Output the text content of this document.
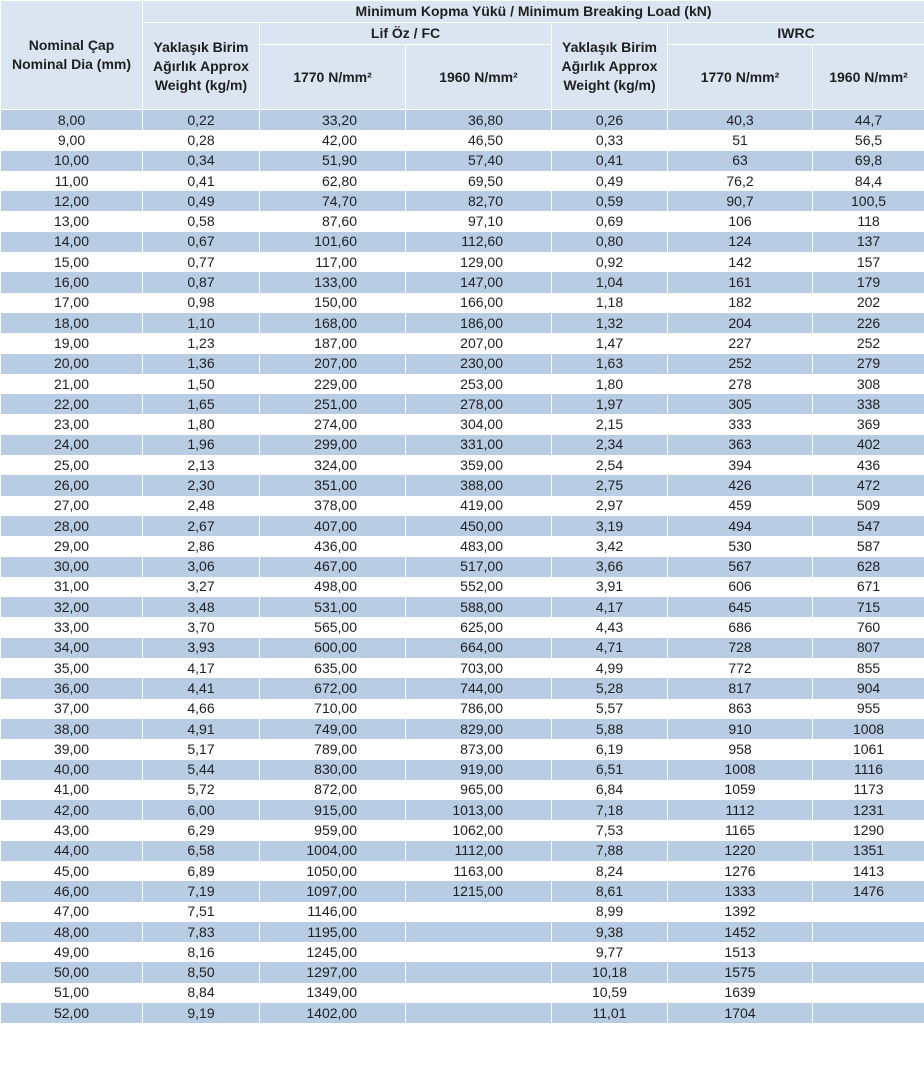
Nominal Çap Nominal Dia (mm)	Minimum Kopma Yükü / Minimum Breaking Load (kN)					
	Yaklaşık Birim Ağırlık Approx Weight (kg/m)	Lif Öz / FC		Yaklaşık Birim Ağırlık Approx Weight (kg/m)	IWRC	
		1770 N/mm²	1960 N/mm²		1770 N/mm²	1960 N/mm²
8,00	0,22	33,20	36,80	0,26	40,3	44,7
9,00	0,28	42,00	46,50	0,33	51	56,5
10,00	0,34	51,90	57,40	0,41	63	69,8
11,00	0,41	62,80	69,50	0,49	76,2	84,4
12,00	0,49	74,70	82,70	0,59	90,7	100,5
13,00	0,58	87,60	97,10	0,69	106	118
14,00	0,67	101,60	112,60	0,80	124	137
15,00	0,77	117,00	129,00	0,92	142	157
16,00	0,87	133,00	147,00	1,04	161	179
17,00	0,98	150,00	166,00	1,18	182	202
18,00	1,10	168,00	186,00	1,32	204	226
19,00	1,23	187,00	207,00	1,47	227	252
20,00	1,36	207,00	230,00	1,63	252	279
21,00	1,50	229,00	253,00	1,80	278	308
22,00	1,65	251,00	278,00	1,97	305	338
23,00	1,80	274,00	304,00	2,15	333	369
24,00	1,96	299,00	331,00	2,34	363	402
25,00	2,13	324,00	359,00	2,54	394	436
26,00	2,30	351,00	388,00	2,75	426	472
27,00	2,48	378,00	419,00	2,97	459	509
28,00	2,67	407,00	450,00	3,19	494	547
29,00	2,86	436,00	483,00	3,42	530	587
30,00	3,06	467,00	517,00	3,66	567	628
31,00	3,27	498,00	552,00	3,91	606	671
32,00	3,48	531,00	588,00	4,17	645	715
33,00	3,70	565,00	625,00	4,43	686	760
34,00	3,93	600,00	664,00	4,71	728	807
35,00	4,17	635,00	703,00	4,99	772	855
36,00	4,41	672,00	744,00	5,28	817	904
37,00	4,66	710,00	786,00	5,57	863	955
38,00	4,91	749,00	829,00	5,88	910	1008
39,00	5,17	789,00	873,00	6,19	958	1061
40,00	5,44	830,00	919,00	6,51	1008	1116
41,00	5,72	872,00	965,00	6,84	1059	1173
42,00	6,00	915,00	1013,00	7,18	1112	1231
43,00	6,29	959,00	1062,00	7,53	1165	1290
44,00	6,58	1004,00	1112,00	7,88	1220	1351
45,00	6,89	1050,00	1163,00	8,24	1276	1413
46,00	7,19	1097,00	1215,00	8,61	1333	1476
47,00	7,51	1146,00		8,99	1392	
48,00	7,83	1195,00		9,38	1452	
49,00	8,16	1245,00		9,77	1513	
50,00	8,50	1297,00		10,18	1575	
51,00	8,84	1349,00		10,59	1639	
52,00	9,19	1402,00		11,01	1704	
